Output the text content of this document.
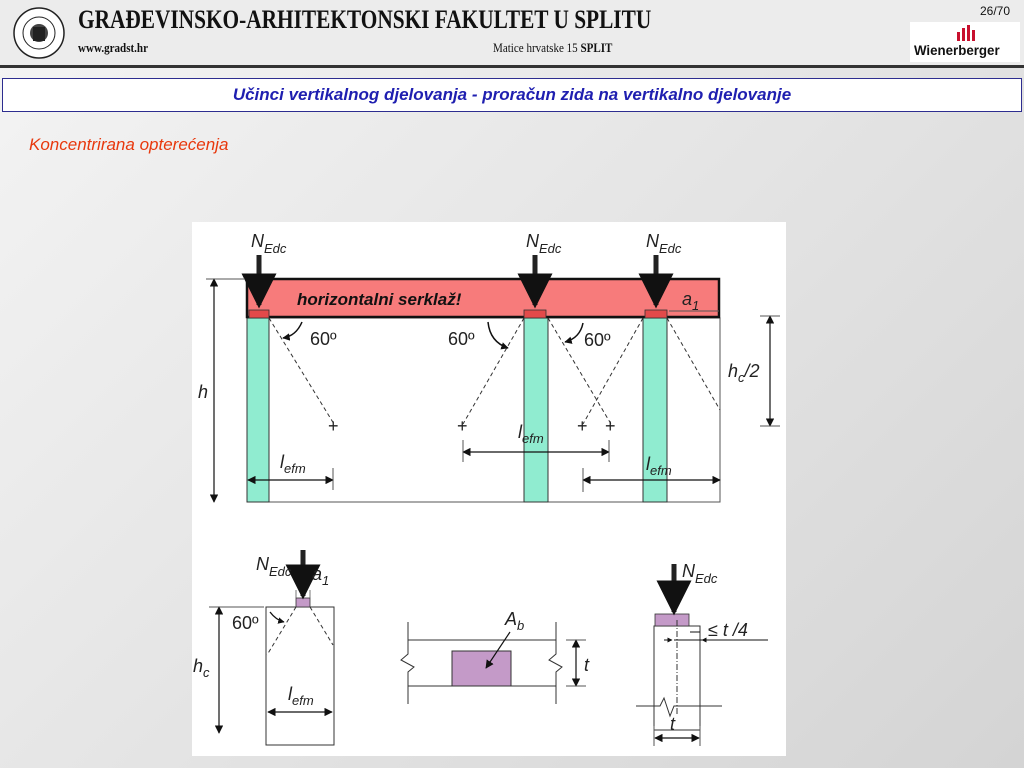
GRAĐEVINSKO-ARHITEKTONSKI FAKULTET U SPLITU
www.gradst.hr	Matice hrvatske 15 SPLIT
26/70
Wienerberger
Učinci vertikalnog djelovanja - proračun zida na vertikalno djelovanje
Koncentrirana opterećenja
horizontalni serklaž!	$a_1$
$N_{Edc}$	$N_{Edc}$	$N_{Edc}$
60º	60º	60º
+	+	+ +
h
$h_c/2$
$l_{efm}$
$l_{efm}$
$l_{efm}$
$N_{Edc}$ $a_1$
60º
$h_c$
$l_{efm}$
$A_b$
t
$N_{Edc}$
≤ t /4
t
